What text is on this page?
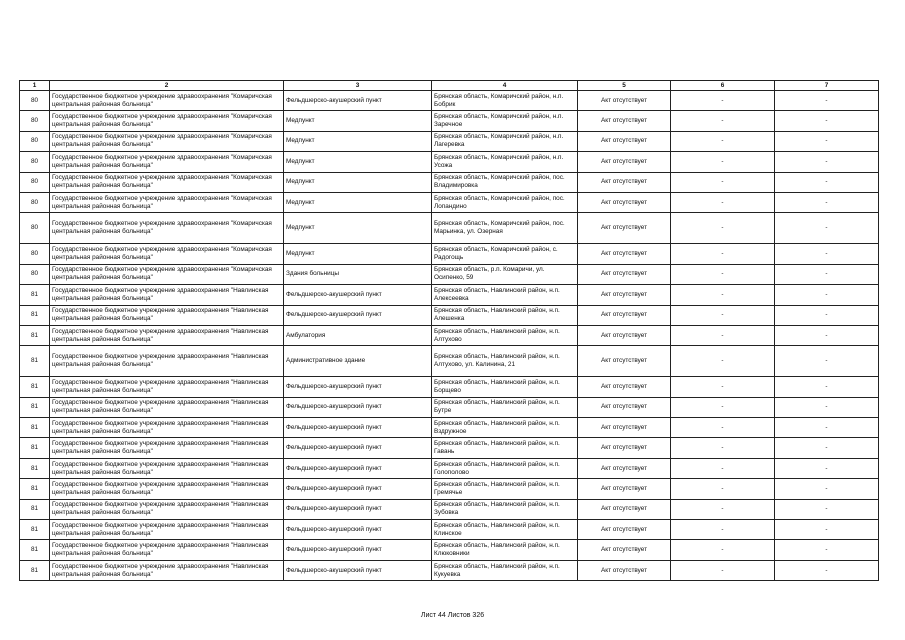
1	2	3	4	5	6	7
80	Государственное бюджетное учреждение здравоохранения "Комаричская центральная районная больница"	Фельдшерско-акушерский пункт	Брянская область, Комаричский район, н.п. Бобрик	Акт отсутствует	-	-
80	Государственное бюджетное учреждение здравоохранения "Комаричская центральная районная больница"	Медпункт	Брянская область, Комаричский район, н.п. Заречное	Акт отсутствует	-	-
80	Государственное бюджетное учреждение здравоохранения "Комаричская центральная районная больница"	Медпункт	Брянская область, Комаричский район, н.п. Лагеревка	Акт отсутствует	-	-
80	Государственное бюджетное учреждение здравоохранения "Комаричская центральная районная больница"	Медпункт	Брянская область, Комаричский район, н.п. Усожа	Акт отсутствует	-	-
80	Государственное бюджетное учреждение здравоохранения "Комаричская центральная районная больница"	Медпункт	Брянская область, Комаричский район, пос. Владимировка	Акт отсутствует	-	-
80	Государственное бюджетное учреждение здравоохранения "Комаричская центральная районная больница"	Медпункт	Брянская область, Комаричский район, пос. Лопандино	Акт отсутствует	-	-
80	Государственное бюджетное учреждение здравоохранения "Комаричская центральная районная больница"	Медпункт	Брянская область, Комаричский район, пос. Марьинка, ул. Озерная	Акт отсутствует	-	-
80	Государственное бюджетное учреждение здравоохранения "Комаричская центральная районная больница"	Медпункт	Брянская область, Комаричский район, с. Радогощь	Акт отсутствует	-	-
80	Государственное бюджетное учреждение здравоохранения "Комаричская центральная районная больница"	Здания больницы	Брянская область, р.п. Комаричи, ул. Осипенко, 59	Акт отсутствует	-	-
81	Государственное бюджетное учреждение здравоохранения "Навлинская центральная районная больница"	Фельдшерско-акушерский пункт	Брянская область, Навлинский район, н.п. Алексеевка	Акт отсутствует	-	-
81	Государственное бюджетное учреждение здравоохранения "Навлинская центральная районная больница"	Фельдшерско-акушерский пункт	Брянская область, Навлинский район, н.п. Алешенка	Акт отсутствует	-	-
81	Государственное бюджетное учреждение здравоохранения "Навлинская центральная районная больница"	Амбулатория	Брянская область, Навлинский район, н.п. Алтухово	Акт отсутствует	-	-
81	Государственное бюджетное учреждение здравоохранения "Навлинская центральная районная больница"	Административное здание	Брянская область, Навлинский район, н.п. Алтухово, ул. Калинина, 21	Акт отсутствует	-	-
81	Государственное бюджетное учреждение здравоохранения "Навлинская центральная районная больница"	Фельдшерско-акушерский пункт	Брянская область, Навлинский район, н.п. Борщево	Акт отсутствует	-	-
81	Государственное бюджетное учреждение здравоохранения "Навлинская центральная районная больница"	Фельдшерско-акушерский пункт	Брянская область, Навлинский район, н.п. Бутре	Акт отсутствует	-	-
81	Государственное бюджетное учреждение здравоохранения "Навлинская центральная районная больница"	Фельдшерско-акушерский пункт	Брянская область, Навлинский район, н.п. Вздружное	Акт отсутствует	-	-
81	Государственное бюджетное учреждение здравоохранения "Навлинская центральная районная больница"	Фельдшерско-акушерский пункт	Брянская область, Навлинский район, н.п. Гавань	Акт отсутствует	-	-
81	Государственное бюджетное учреждение здравоохранения "Навлинская центральная районная больница"	Фельдшерско-акушерский пункт	Брянская область, Навлинский район, н.п. Голополово	Акт отсутствует	-	-
81	Государственное бюджетное учреждение здравоохранения "Навлинская центральная районная больница"	Фельдшерско-акушерский пункт	Брянская область, Навлинский район, н.п. Гремячье	Акт отсутствует	-	-
81	Государственное бюджетное учреждение здравоохранения "Навлинская центральная районная больница"	Фельдшерско-акушерский пункт	Брянская область, Навлинский район, н.п. Зубовка	Акт отсутствует	-	-
81	Государственное бюджетное учреждение здравоохранения "Навлинская центральная районная больница"	Фельдшерско-акушерский пункт	Брянская область, Навлинский район, н.п. Клинское	Акт отсутствует	-	-
81	Государственное бюджетное учреждение здравоохранения "Навлинская центральная районная больница"	Фельдшерско-акушерский пункт	Брянская область, Навлинский район, н.п. Клюковники	Акт отсутствует	-	-
81	Государственное бюджетное учреждение здравоохранения "Навлинская центральная районная больница"	Фельдшерско-акушерский пункт	Брянская область, Навлинский район, н.п. Кукуевка	Акт отсутствует	-	-
Лист 44 Листов 326
